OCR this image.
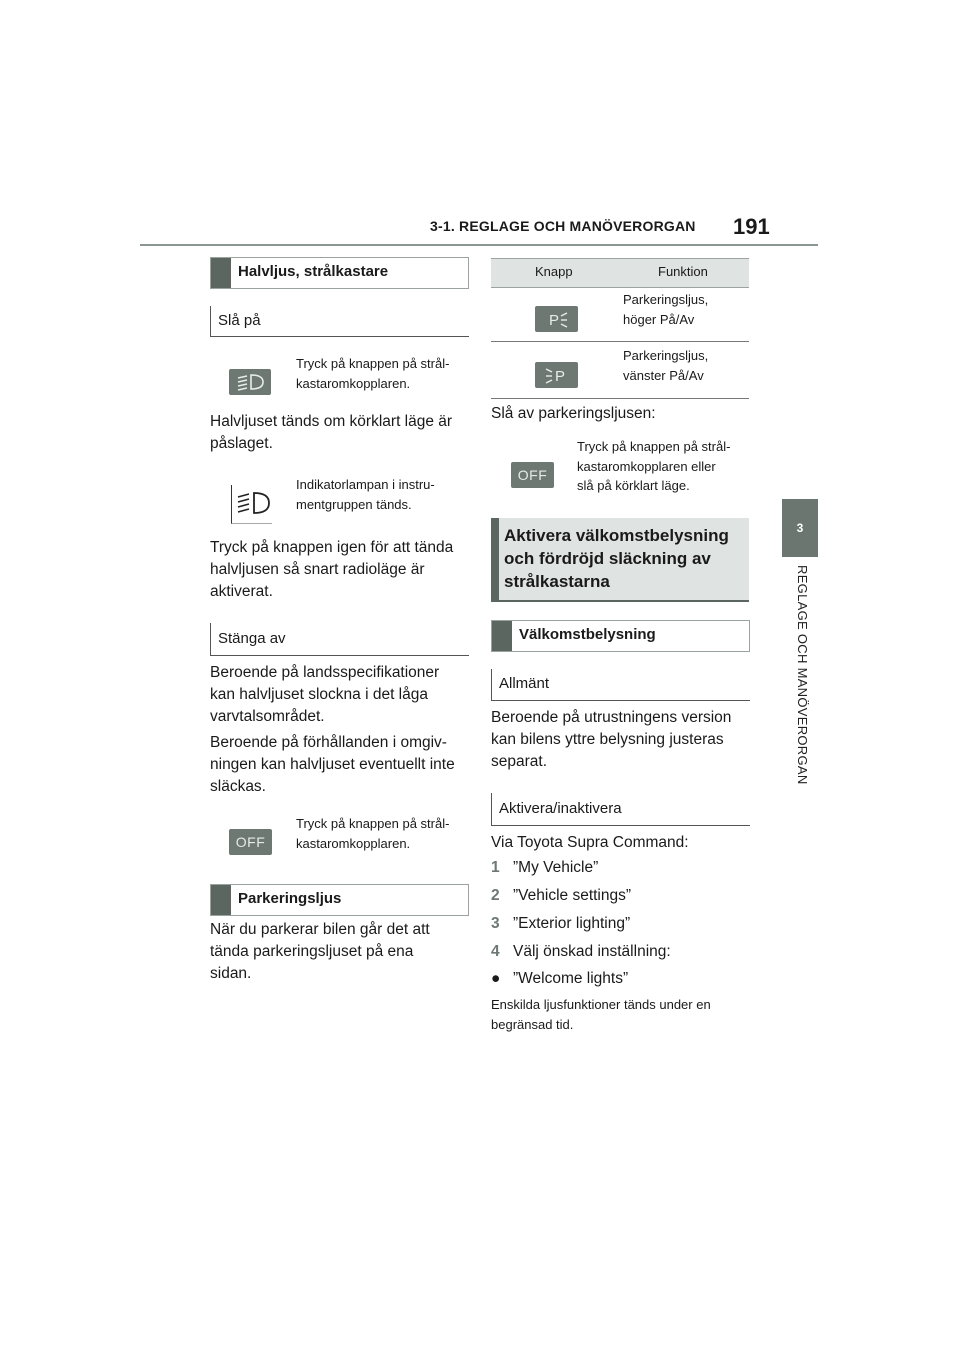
3-1. REGLAGE OCH MANÖVERORGAN 191
3
REGLAGE OCH MANÖVERORGAN
Halvljus, strålkastare
Slå på
Tryck på knappen på strål-
kastaromkopplaren.
Halvljuset tänds om körklart läge är
påslaget.
Indikatorlampan i instru-
mentgruppen tänds.
Tryck på knappen igen för att tända
halvljusen så snart radioläge är
aktiverat.
Stänga av
Beroende på landsspecifikationer
kan halvljuset slockna i det låga
varvtalsområdet.
Beroende på förhållanden i omgiv-
ningen kan halvljuset eventuellt inte
släckas.
OFF
Tryck på knappen på strål-
kastaromkopplaren.
Parkeringsljus
När du parkerar bilen går det att
tända parkeringsljuset på ena
sidan.
Knapp	Funktion
P
Parkeringsljus,
höger På/Av
P
Parkeringsljus,
vänster På/Av
Slå av parkeringsljusen:
OFF
Tryck på knappen på strål-
kastaromkopplaren eller
slå på körklart läge.
Aktivera välkomstbelysning
och fördröjd släckning av
strålkastarna
Välkomstbelysning
Allmänt
Beroende på utrustningens version
kan bilens yttre belysning justeras
separat.
Aktivera/inaktivera
Via Toyota Supra Command:
1 ”My Vehicle”
2 ”Vehicle settings”
3 ”Exterior lighting”
4 Välj önskad inställning:
● ”Welcome lights”
Enskilda ljusfunktioner tänds under en
begränsad tid.
